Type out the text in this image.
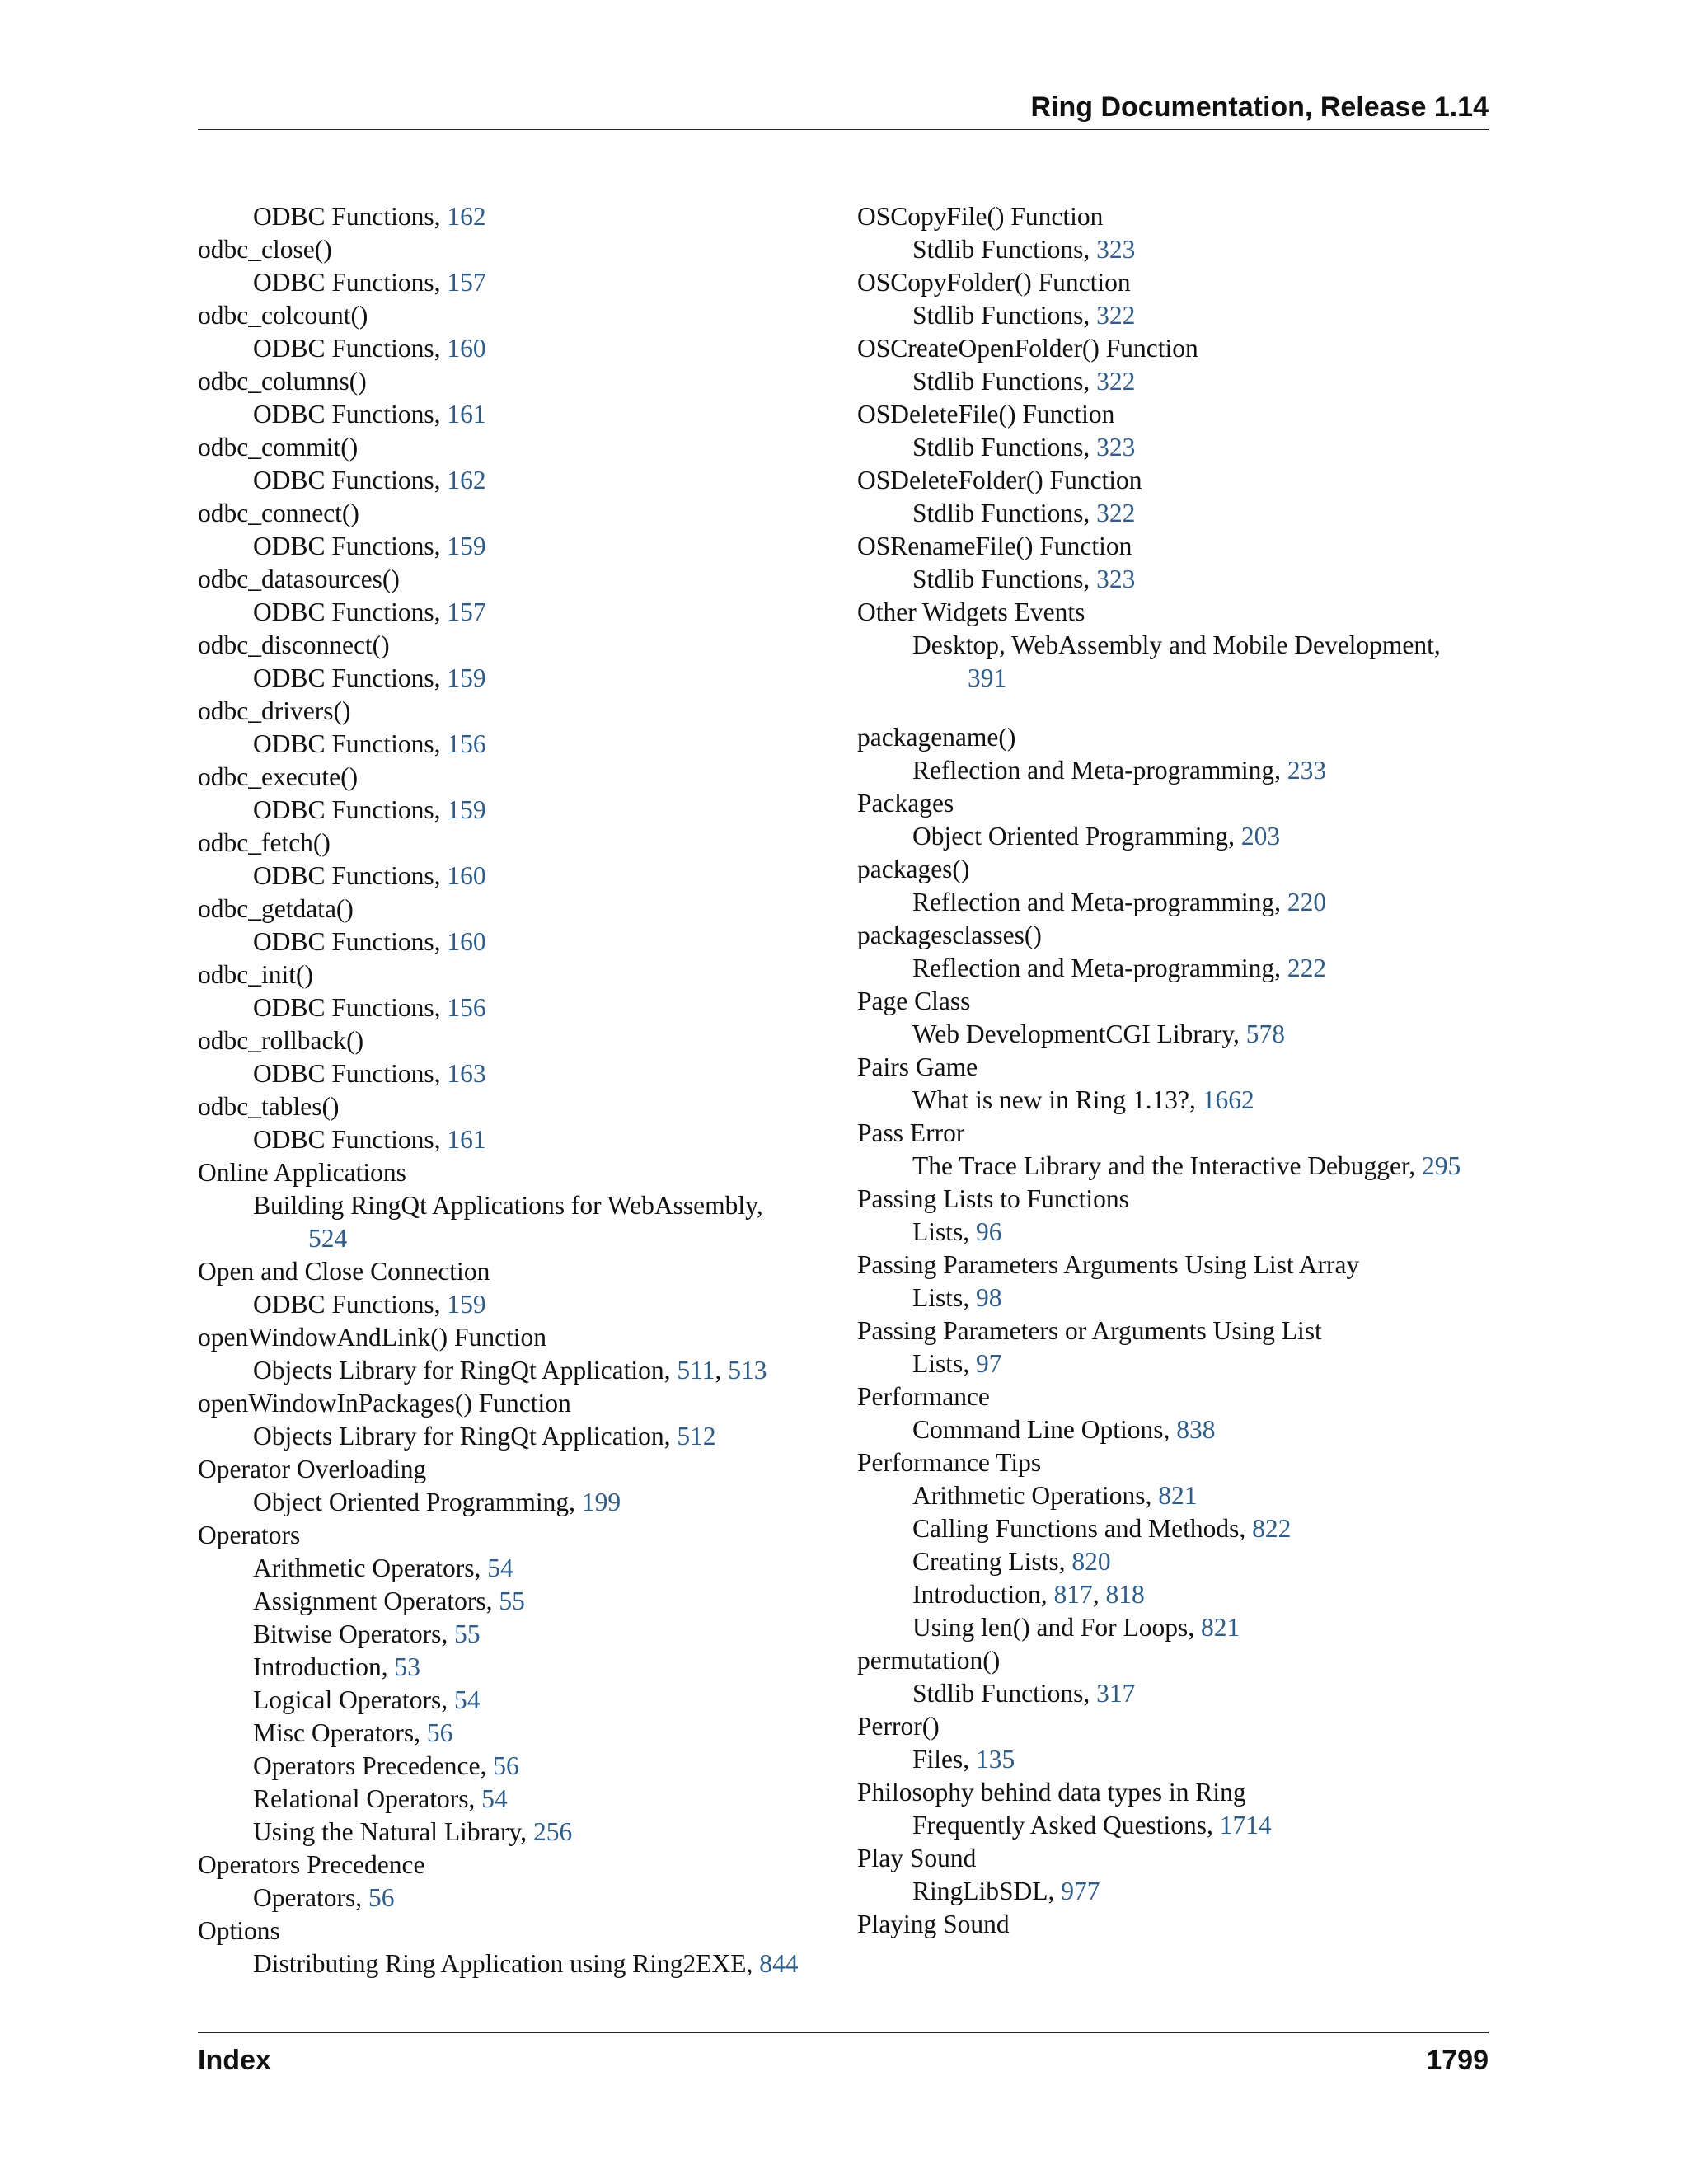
Ring Documentation, Release 1.14
ODBC Functions, 162
odbc_close()
ODBC Functions, 157
odbc_colcount()
ODBC Functions, 160
odbc_columns()
ODBC Functions, 161
odbc_commit()
ODBC Functions, 162
odbc_connect()
ODBC Functions, 159
odbc_datasources()
ODBC Functions, 157
odbc_disconnect()
ODBC Functions, 159
odbc_drivers()
ODBC Functions, 156
odbc_execute()
ODBC Functions, 159
odbc_fetch()
ODBC Functions, 160
odbc_getdata()
ODBC Functions, 160
odbc_init()
ODBC Functions, 156
odbc_rollback()
ODBC Functions, 163
odbc_tables()
ODBC Functions, 161
Online Applications
Building RingQt Applications for WebAssembly,
524
Open and Close Connection
ODBC Functions, 159
openWindowAndLink() Function
Objects Library for RingQt Application, 511, 513
openWindowInPackages() Function
Objects Library for RingQt Application, 512
Operator Overloading
Object Oriented Programming, 199
Operators
Arithmetic Operators, 54
Assignment Operators, 55
Bitwise Operators, 55
Introduction, 53
Logical Operators, 54
Misc Operators, 56
Operators Precedence, 56
Relational Operators, 54
Using the Natural Library, 256
Operators Precedence
Operators, 56
Options
Distributing Ring Application using Ring2EXE, 844
OSCopyFile() Function
Stdlib Functions, 323
OSCopyFolder() Function
Stdlib Functions, 322
OSCreateOpenFolder() Function
Stdlib Functions, 322
OSDeleteFile() Function
Stdlib Functions, 323
OSDeleteFolder() Function
Stdlib Functions, 322
OSRenameFile() Function
Stdlib Functions, 323
Other Widgets Events
Desktop, WebAssembly and Mobile Development,
391
packagename()
Reflection and Meta-programming, 233
Packages
Object Oriented Programming, 203
packages()
Reflection and Meta-programming, 220
packagesclasses()
Reflection and Meta-programming, 222
Page Class
Web DevelopmentCGI Library, 578
Pairs Game
What is new in Ring 1.13?, 1662
Pass Error
The Trace Library and the Interactive Debugger, 295
Passing Lists to Functions
Lists, 96
Passing Parameters Arguments Using List Array
Lists, 98
Passing Parameters or Arguments Using List
Lists, 97
Performance
Command Line Options, 838
Performance Tips
Arithmetic Operations, 821
Calling Functions and Methods, 822
Creating Lists, 820
Introduction, 817, 818
Using len() and For Loops, 821
permutation()
Stdlib Functions, 317
Perror()
Files, 135
Philosophy behind data types in Ring
Frequently Asked Questions, 1714
Play Sound
RingLibSDL, 977
Playing Sound
Index	1799
